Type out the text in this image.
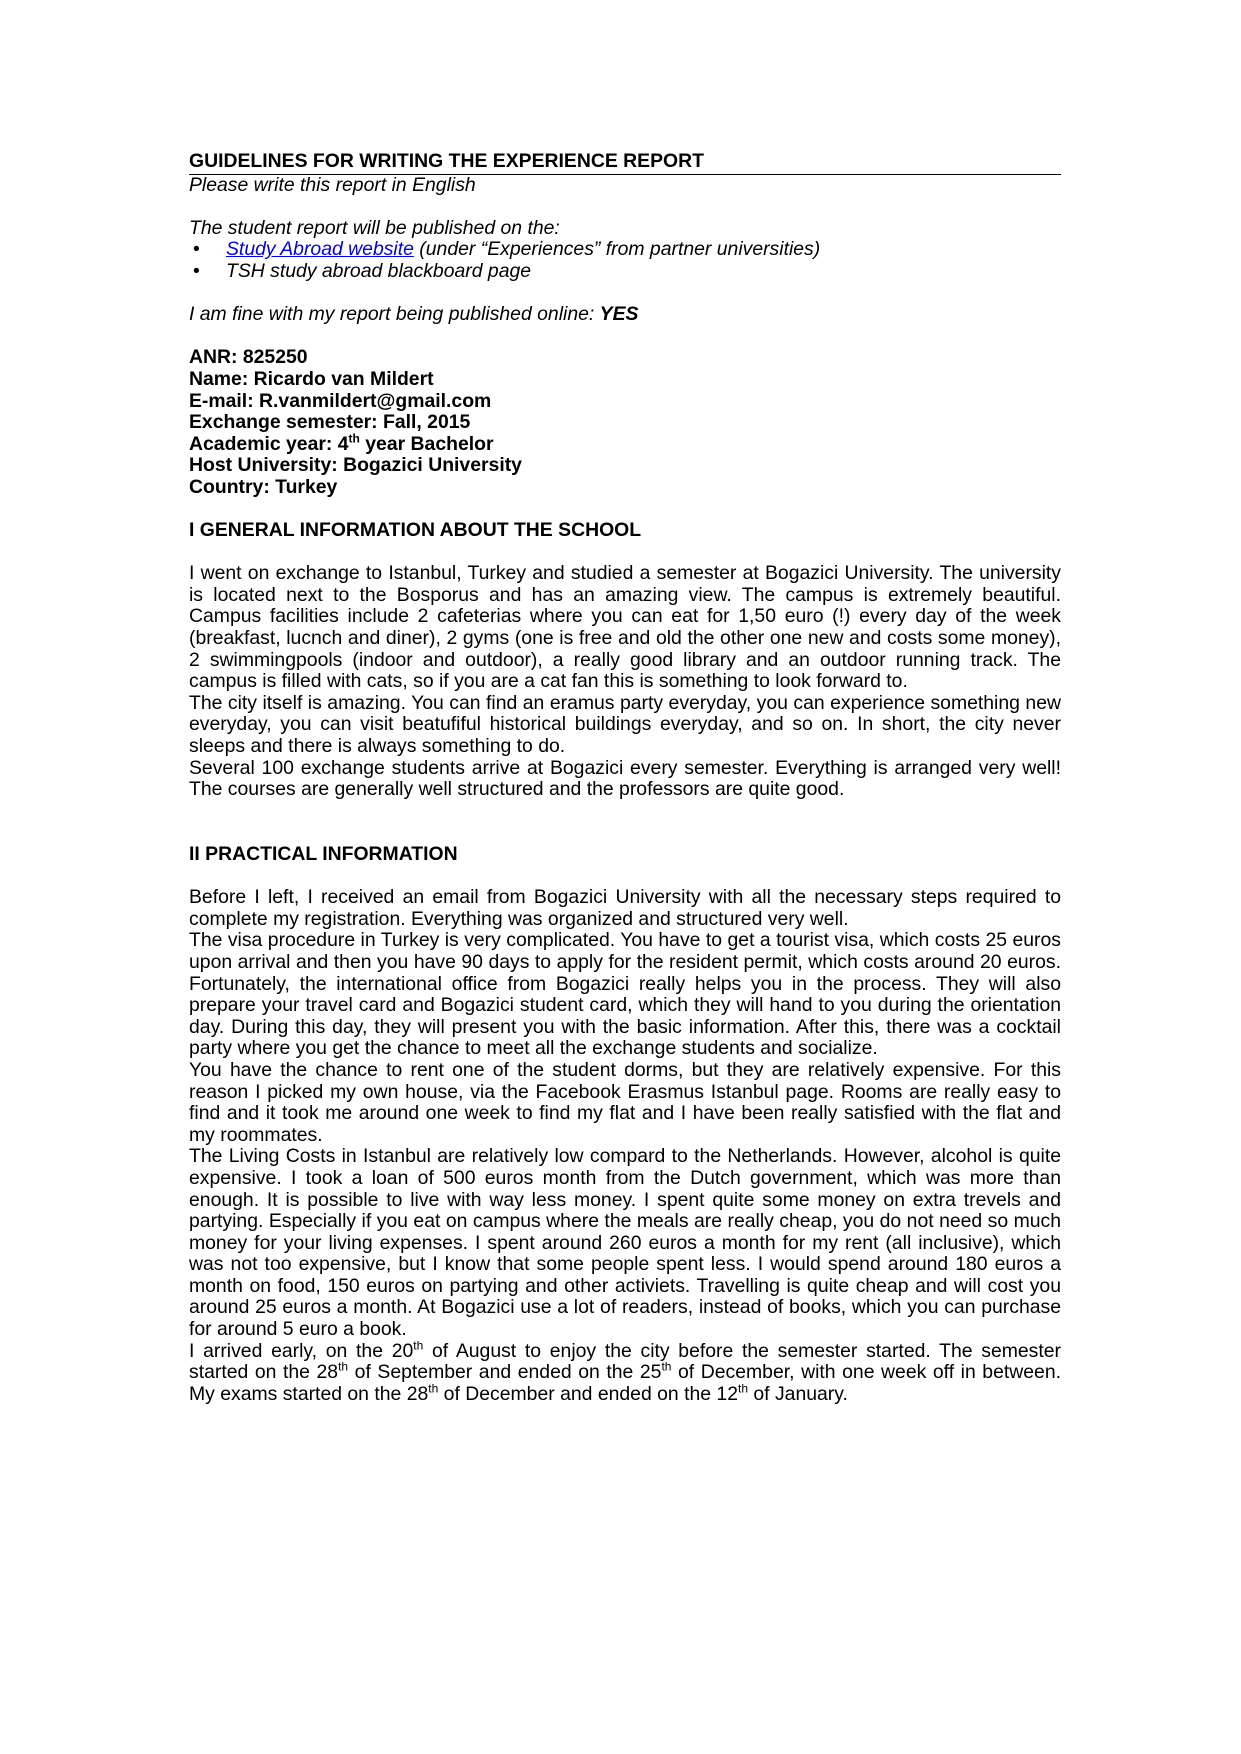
GUIDELINES FOR WRITING THE EXPERIENCE REPORT

Please write this report in English

The student report will be published on the:

• Study Abroad website (under “Experiences” from partner universities)
• TSH study abroad blackboard page

I am fine with my report being published online: YES

ANR: 825250

Name: Ricardo van Mildert

E-mail: R.vanmildert@gmail.com

Exchange semester: Fall, 2015

Academic year: 4th year Bachelor

Host University: Bogazici University

Country: Turkey

I GENERAL INFORMATION ABOUT THE SCHOOL

I went on exchange to Istanbul, Turkey and studied a semester at Bogazici University. The university is located next to the Bosporus and has an amazing view. The campus is extremely beautiful. Campus facilities include 2 cafeterias where you can eat for 1,50 euro (!) every day of the week (breakfast, lucnch and diner), 2 gyms (one is free and old the other one new and costs some money), 2 swimmingpools (indoor and outdoor), a really good library and an outdoor running track. The campus is filled with cats, so if you are a cat fan this is something to look forward to.

The city itself is amazing. You can find an eramus party everyday, you can experience something new everyday, you can visit beatufiful historical buildings everyday, and so on. In short, the city never sleeps and there is always something to do.

Several 100 exchange students arrive at Bogazici every semester. Everything is arranged very well! The courses are generally well structured and the professors are quite good.

II PRACTICAL INFORMATION

Before I left, I received an email from Bogazici University with all the necessary steps required to complete my registration. Everything was organized and structured very well.

The visa procedure in Turkey is very complicated. You have to get a tourist visa, which costs 25 euros upon arrival and then you have 90 days to apply for the resident permit, which costs around 20 euros. Fortunately, the international office from Bogazici really helps you in the process. They will also prepare your travel card and Bogazici student card, which they will hand to you during the orientation day. During this day, they will present you with the basic information. After this, there was a cocktail party where you get the chance to meet all the exchange students and socialize.

You have the chance to rent one of the student dorms, but they are relatively expensive. For this reason I picked my own house, via the Facebook Erasmus Istanbul page. Rooms are really easy to find and it took me around one week to find my flat and I have been really satisfied with the flat and my roommates.

The Living Costs in Istanbul are relatively low compard to the Netherlands. However, alcohol is quite expensive. I took a loan of 500 euros month from the Dutch government, which was more than enough. It is possible to live with way less money. I spent quite some money on extra trevels and partying. Especially if you eat on campus where the meals are really cheap, you do not need so much money for your living expenses. I spent around 260 euros a month for my rent (all inclusive), which was not too expensive, but I know that some people spent less. I would spend around 180 euros a month on food, 150 euros on partying and other activiets. Travelling is quite cheap and will cost you around 25 euros a month. At Bogazici use a lot of readers, instead of books, which you can purchase for around 5 euro a book.

I arrived early, on the 20th of August to enjoy the city before the semester started. The semester started on the 28th of September and ended on the 25th of December, with one week off in between. My exams started on the 28th of December and ended on the 12th of January.
